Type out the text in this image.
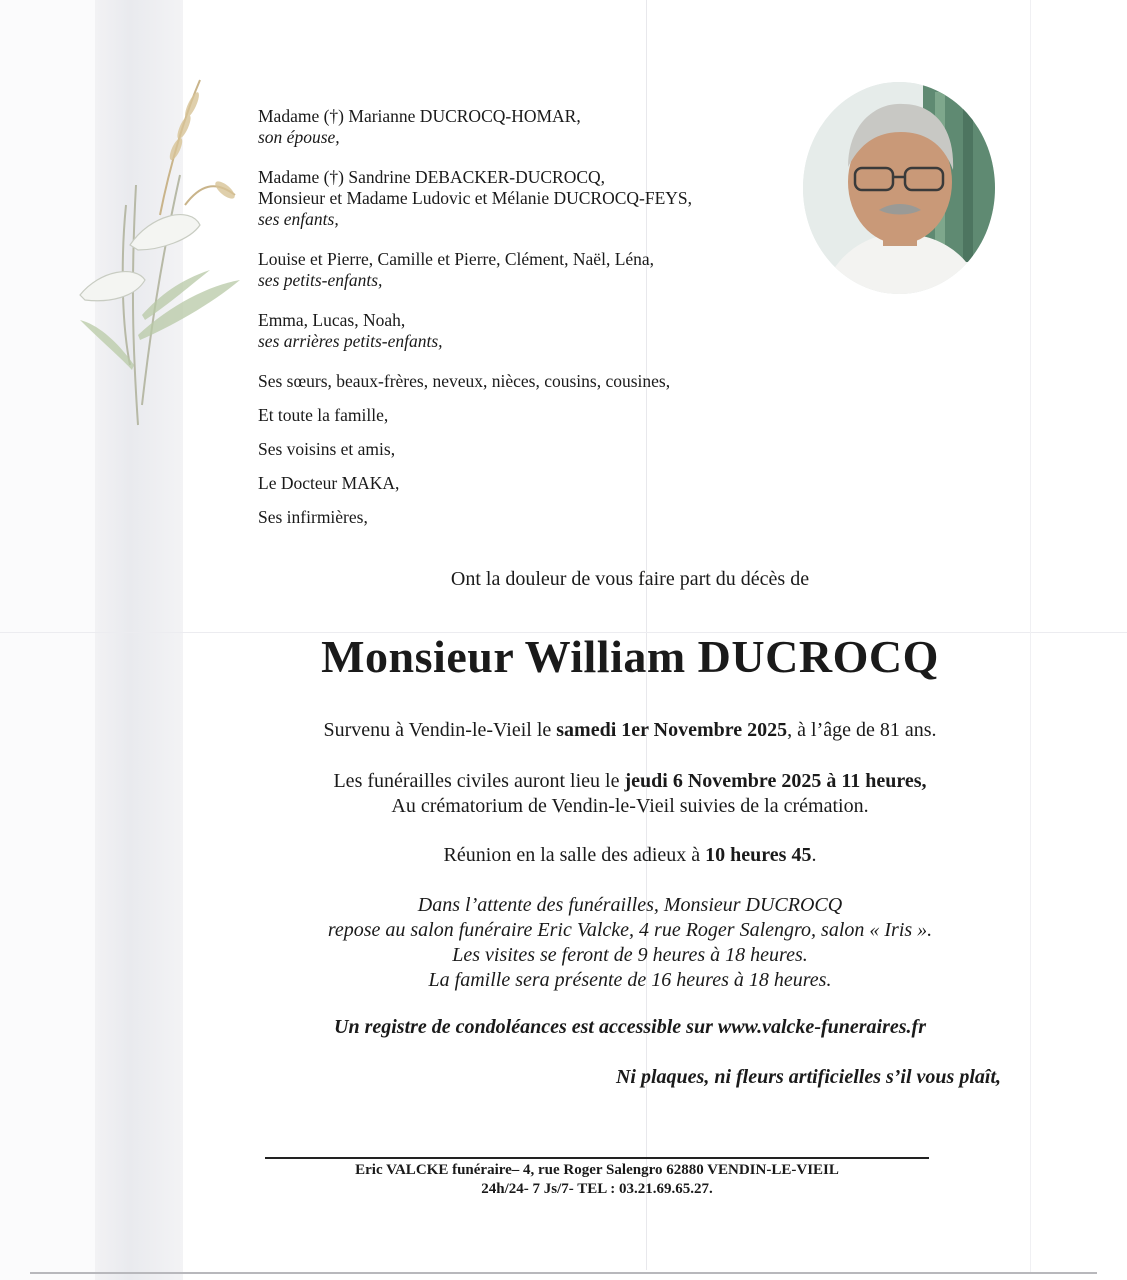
Madame (†) Marianne DUCROCQ-HOMAR,
son épouse,
Madame (†) Sandrine DEBACKER-DUCROCQ,
Monsieur et Madame Ludovic et Mélanie DUCROCQ-FEYS,
ses enfants,
Louise et Pierre, Camille et Pierre, Clément, Naël, Léna,
ses petits-enfants,
Emma, Lucas, Noah,
ses arrières petits-enfants,
Ses sœurs, beaux-frères, neveux, nièces, cousins, cousines,
Et toute la famille,
Ses voisins et amis,
Le Docteur MAKA,
Ses infirmières,
Ont la douleur de vous faire part du décès de
Monsieur William DUCROCQ
Survenu à Vendin-le-Vieil le samedi 1er Novembre 2025, à l’âge de 81 ans.
Les funérailles civiles auront lieu le jeudi 6 Novembre 2025 à 11 heures,
Au crématorium de Vendin-le-Vieil suivies de la crémation.
Réunion en la salle des adieux à 10 heures 45.
Dans l’attente des funérailles, Monsieur DUCROCQ
repose au salon funéraire Eric Valcke, 4 rue Roger Salengro, salon « Iris ».
Les visites se feront de 9 heures à 18 heures.
La famille sera présente de 16 heures à 18 heures.
Un registre de condoléances est accessible sur www.valcke-funeraires.fr
Ni plaques, ni fleurs artificielles s’il vous plaît,
Eric VALCKE funéraire– 4, rue Roger Salengro 62880 VENDIN-LE-VIEIL
24h/24- 7 Js/7- TEL : 03.21.69.65.27.
